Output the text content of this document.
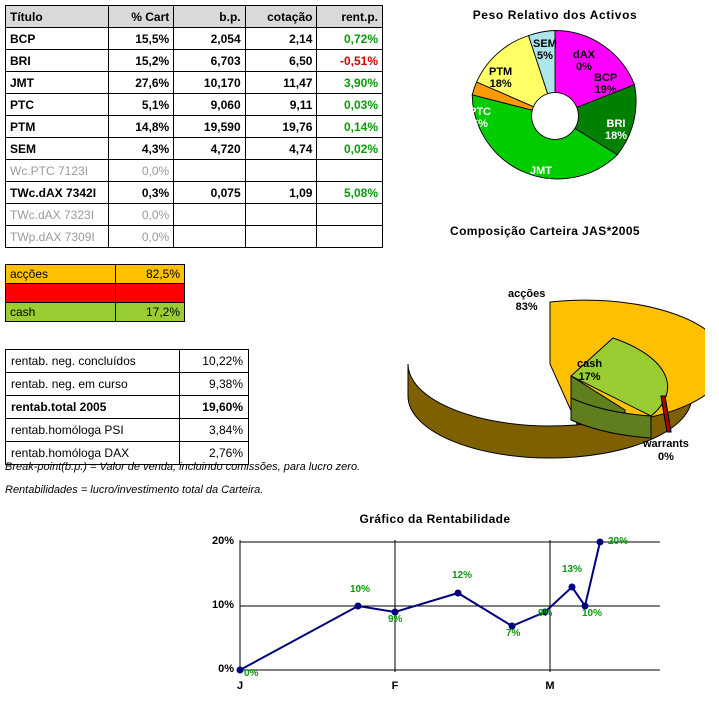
Título	% Cart	b.p.	cotação	rent.p.
BCP	15,5%	2,054	2,14	0,72%
BRI	15,2%	6,703	6,50	-0,51%
JMT	27,6%	10,170	11,47	3,90%
PTC	5,1%	9,060	9,11	0,03%
PTM	14,8%	19,590	19,76	0,14%
SEM	4,3%	4,720	4,74	0,02%
Wc.PTC 7123I	0,0%			
TWc.dAX 7342I	0,3%	0,075	1,09	5,08%
TWc.dAX 7323I	0,0%			
TWp.dAX 7309I	0,0%			
acções	82,5%
warrants	0,3%
cash	17,2%
rentab. neg. concluídos	10,22%
rentab. neg. em curso	9,38%
rentab.total 2005	19,60%
rentab.homóloga PSI	3,84%
rentab.homóloga DAX	2,76%
Break-point(b.p.) = Valor de venda, incluindo comissões, para lucro zero.
Rentabilidades = lucro/investimento total da Carteira.
Peso Relativo dos Activos
dAX
0%
BCP
19%
BRI
18%
JMT
34%
PTC
6%
PTM
18%
SEM
5%
Composição Carteira JAS*2005
acções
83%
cash
17%
warrants
0%
Gráfico da Rentabilidade
20%
10%
0%
J	F	M
0%
10%
9%
12%
7%
9%
13%
10%
20%
